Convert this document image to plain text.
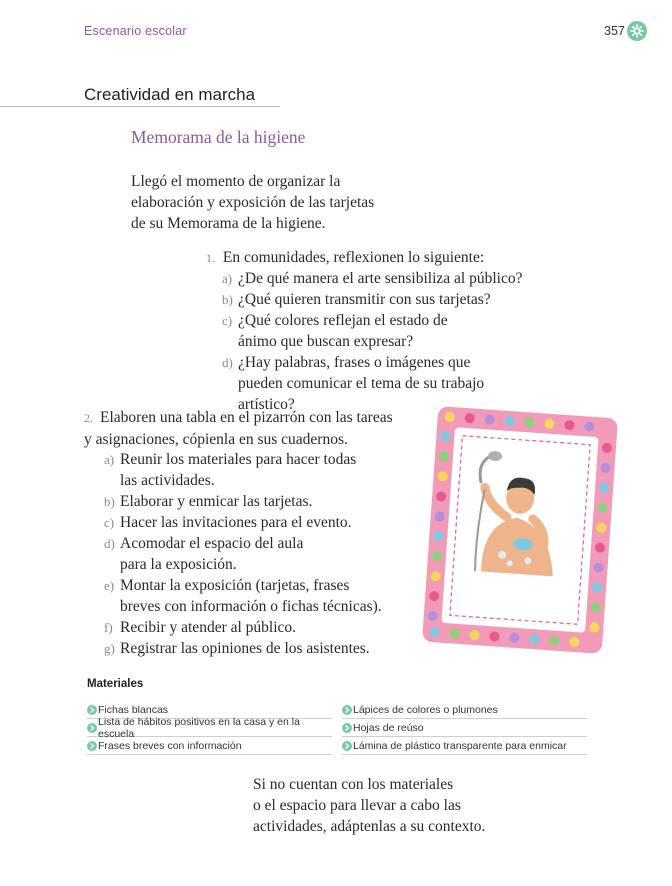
Escenario escolar	357
Creatividad en marcha
Memorama de la higiene
Llegó el momento de organizar la
elaboración y exposición de las tarjetas
de su Memorama de la higiene.
1. En comunidades, reflexionen lo siguiente:
a) ¿De qué manera el arte sensibiliza al público?
b) ¿Qué quieren transmitir con sus tarjetas?
c) ¿Qué colores reflejan el estado de ánimo que buscan expresar?
d) ¿Hay palabras, frases o imágenes que pueden comunicar el tema de su trabajo artístico?
2. Elaboren una tabla en el pizarrón con las tareas y asignaciones, cópienla en sus cuadernos.
a) Reunir los materiales para hacer todas las actividades.
b) Elaborar y enmicar las tarjetas.
c) Hacer las invitaciones para el evento.
d) Acomodar el espacio del aula para la exposición.
e) Montar la exposición (tarjetas, frases breves con información o fichas técnicas).
f) Recibir y atender al público.
g) Registrar las opiniones de los asistentes.
Materiales
Fichas blancas
Lista de hábitos positivos en la casa y en la escuela
Frases breves con información
Lápices de colores o plumones
Hojas de reúso
Lámina de plástico transparente para enmicar
Si no cuentan con los materiales
o el espacio para llevar a cabo las
actividades, adáptenlas a su contexto.
